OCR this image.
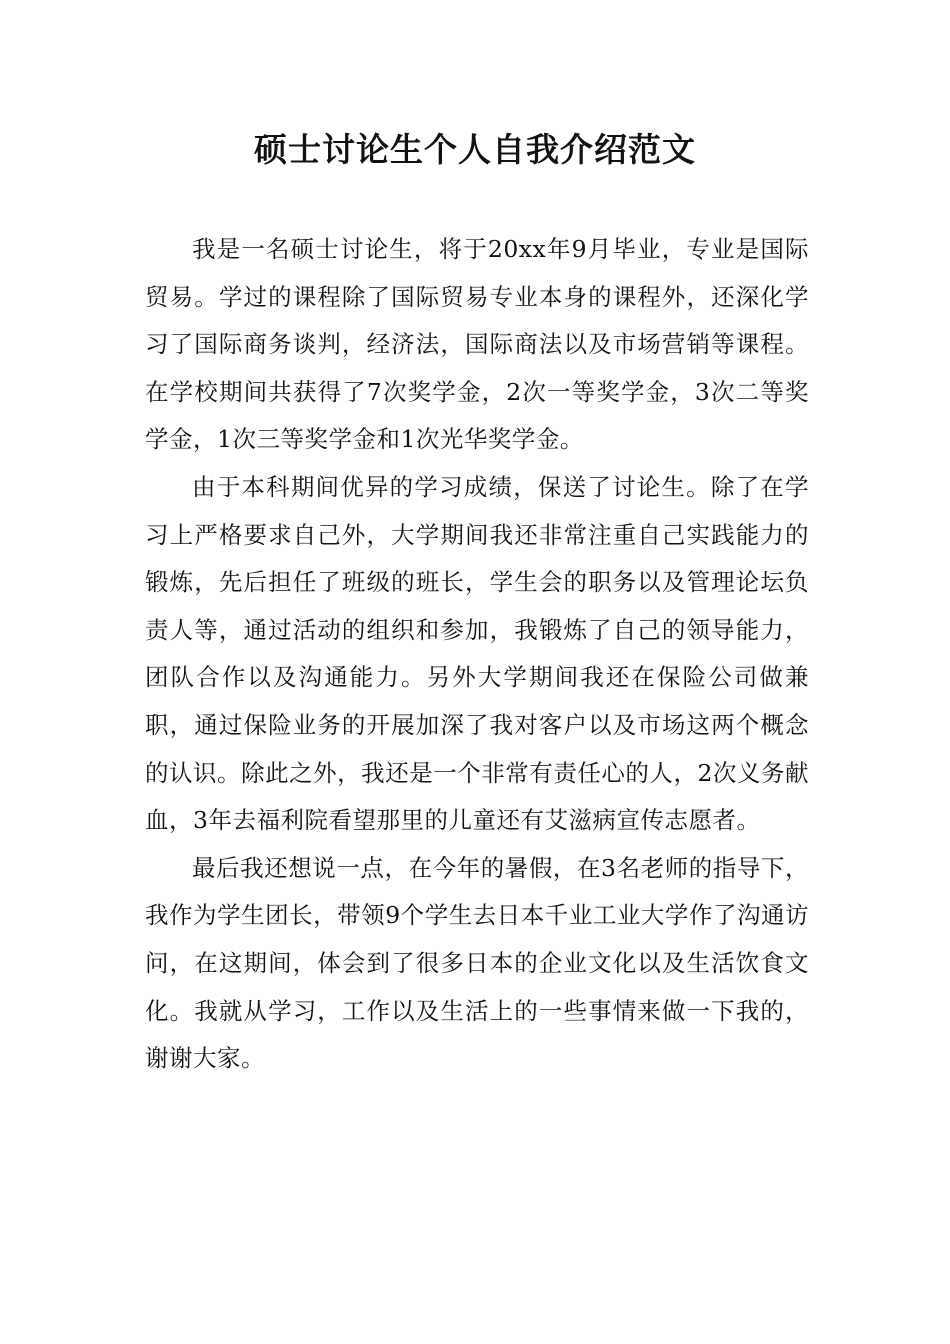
硕士讨论生个人自我介绍范文

我是一名硕士讨论生，将于20xx年9月毕业，专业是国际贸易。学过的课程除了国际贸易专业本身的课程外，还深化学习了国际商务谈判，经济法，国际商法以及市场营销等课程。在学校期间共获得了7次奖学金，2次一等奖学金，3次二等奖学金，1次三等奖学金和1次光华奖学金。

由于本科期间优异的学习成绩，保送了讨论生。除了在学习上严格要求自己外，大学期间我还非常注重自己实践能力的锻炼，先后担任了班级的班长，学生会的职务以及管理论坛负责人等，通过活动的组织和参加，我锻炼了自己的领导能力，团队合作以及沟通能力。另外大学期间我还在保险公司做兼职，通过保险业务的开展加深了我对客户以及市场这两个概念的认识。除此之外，我还是一个非常有责任心的人，2次义务献血，3年去福利院看望那里的儿童还有艾滋病宣传志愿者。

最后我还想说一点，在今年的暑假，在3名老师的指导下，我作为学生团长，带领9个学生去日本千业工业大学作了沟通访问，在这期间，体会到了很多日本的企业文化以及生活饮食文化。我就从学习，工作以及生活上的一些事情来做一下我的，谢谢大家。
